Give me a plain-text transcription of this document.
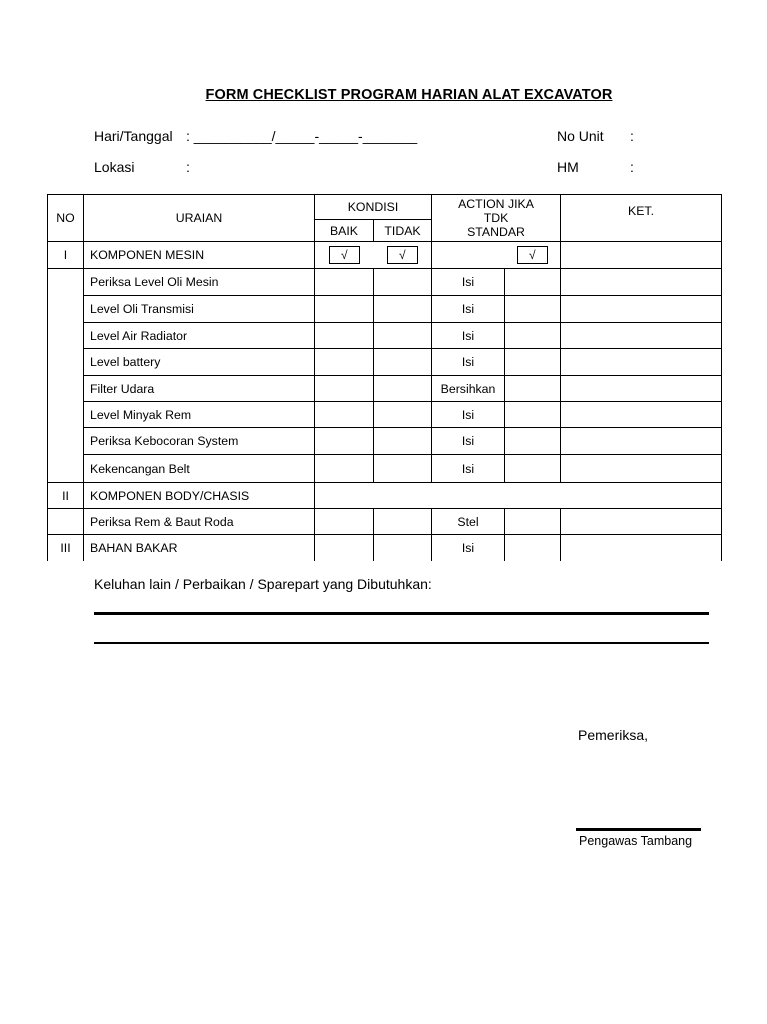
FORM CHECKLIST PROGRAM HARIAN ALAT EXCAVATOR
Hari/Tanggal : __________/_____-_____-_______
Lokasi	:
No Unit :
HM	:
NO	URAIAN	KONDISI		ACTION JIKA TDK STANDAR		KET.
		BAIK	TIDAK			
I	KOMPONEN MESIN	√	√		√	
	Periksa Level Oli Mesin			Isi		
	Level Oli Transmisi			Isi		
	Level Air Radiator			Isi		
	Level battery			Isi		
	Filter Udara			Bersihkan		
	Level Minyak Rem			Isi		
	Periksa Kebocoran System			Isi		
	Kekencangan Belt			Isi		
II	KOMPONEN BODY/CHASIS					
	Periksa Rem & Baut Roda			Stel		
III	BAHAN BAKAR			Isi		
Keluhan lain / Perbaikan / Sparepart yang Dibutuhkan:
Pemeriksa,
Pengawas Tambang
